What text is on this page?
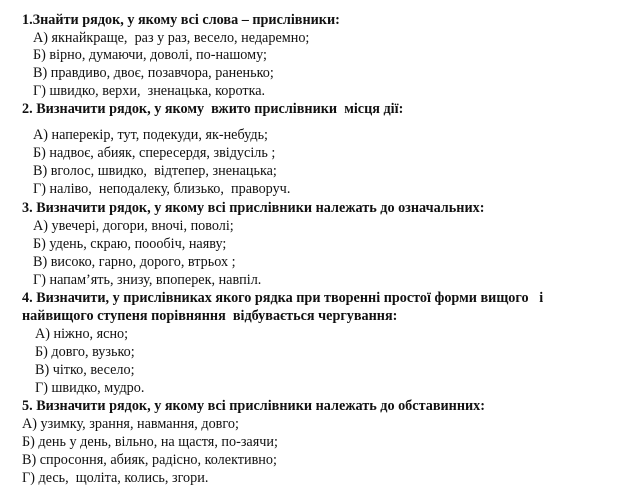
1.Знайти рядок, у якому всі слова – прислівники:
А) якнайкраще,  раз у раз, весело, недаремно;
Б) вірно, думаючи, доволі, по-нашому;
В) правдиво, двоє, позавчора, раненько;
Г) швидко, верхи,  зненацька, коротка.
2. Визначити рядок, у якому  вжито прислівники  місця дії:
А) наперекір, тут, подекуди, як-небудь;
Б) надвоє, абияк, спересердя, звідусіль ;
В) вголос, швидко,  відтепер, зненацька;
Г) наліво,  неподалеку, близько,  праворуч.
3. Визначити рядок, у якому всі прислівники належать до означальних:
А) увечері, догори, вночі, поволі;
Б) удень, скраю, поообіч, наяву;
В) високо, гарно, дорого, втрьох ;
Г) напам’ять, знизу, впоперек, навпіл.
4. Визначити, у прислівниках якого рядка при творенні простої форми вищого   і
найвищого ступеня порівняння  відбувається чергування:
А) ніжно, ясно;
Б) довго, вузько;
В) чітко, весело;
Г) швидко, мудро.
5. Визначити рядок, у якому всі прислівники належать до обставинних:
А) узимку, зрання, навмання, довго;
Б) день у день, вільно, на щастя, по-заячи;
В) спросоння, абияк, радісно, колективно;
Г) десь,  щоліта, колись, згори.
